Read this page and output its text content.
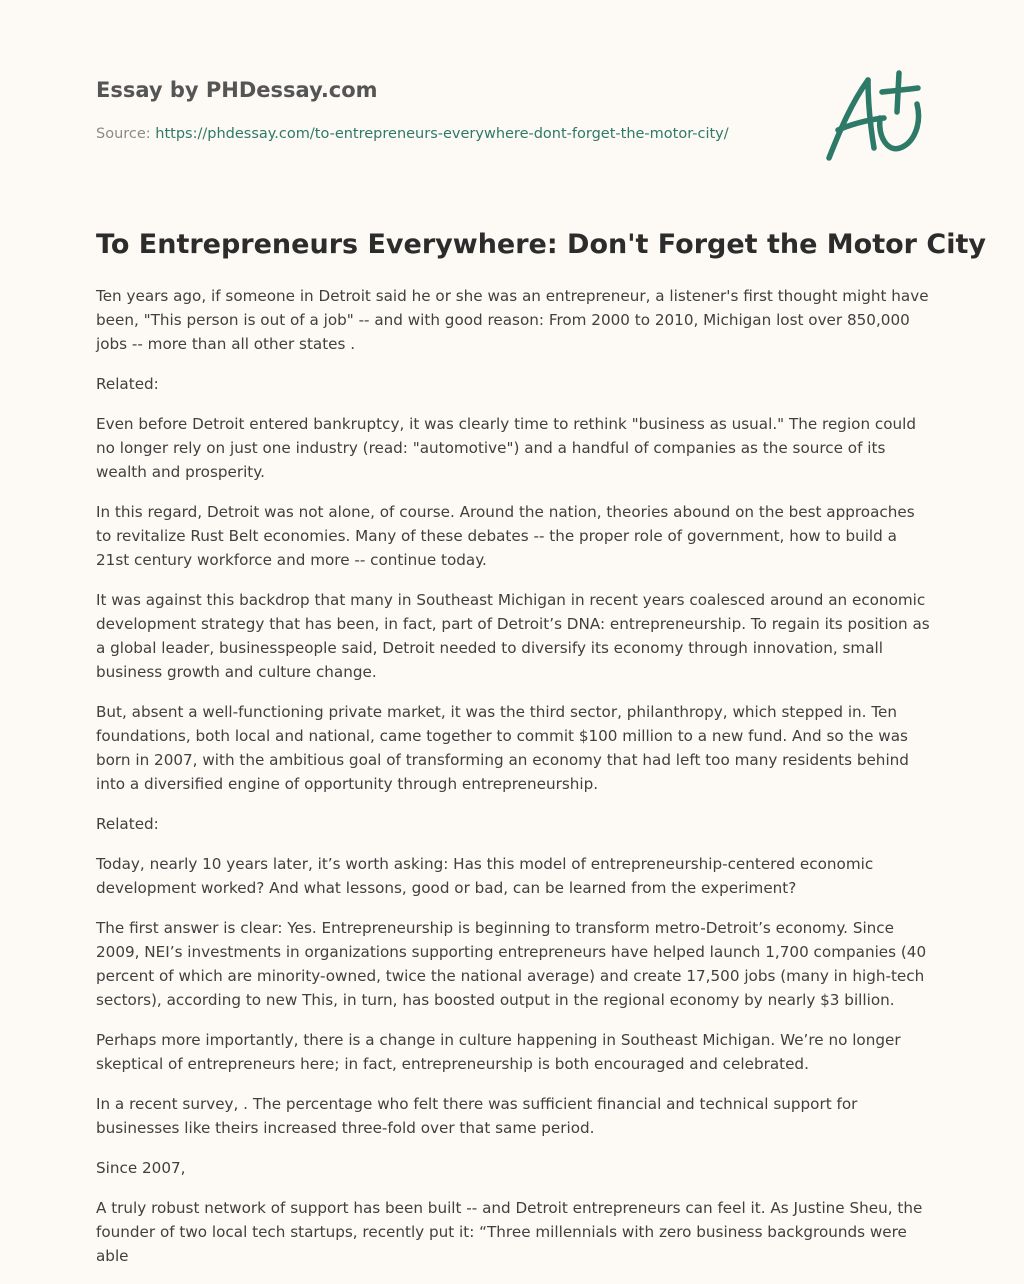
Essay by PHDessay.com
Source: https://phdessay.com/to-entrepreneurs-everywhere-dont-forget-the-motor-city/
To Entrepreneurs Everywhere: Don't Forget the Motor City

Ten years ago, if someone in Detroit said he or she was an entrepreneur, a listener's first thought might have been, "This person is out of a job" -- and with good reason: From 2000 to 2010, Michigan lost over 850,000 jobs -- more than all other states .

Related:

Even before Detroit entered bankruptcy, it was clearly time to rethink "business as usual." The region could no longer rely on just one industry (read: "automotive") and a handful of companies as the source of its wealth and prosperity.

In this regard, Detroit was not alone, of course. Around the nation, theories abound on the best approaches to revitalize Rust Belt economies. Many of these debates -- the proper role of government, how to build a 21st century workforce and more -- continue today.

It was against this backdrop that many in Southeast Michigan in recent years coalesced around an economic development strategy that has been, in fact, part of Detroit’s DNA: entrepreneurship. To regain its position as a global leader, businesspeople said, Detroit needed to diversify its economy through innovation, small business growth and culture change.

But, absent a well-functioning private market, it was the third sector, philanthropy, which stepped in. Ten foundations, both local and national, came together to commit $100 million to a new fund. And so the was born in 2007, with the ambitious goal of transforming an economy that had left too many residents behind into a diversified engine of opportunity through entrepreneurship.

Related:

Today, nearly 10 years later, it’s worth asking: Has this model of entrepreneurship-centered economic development worked? And what lessons, good or bad, can be learned from the experiment?

The first answer is clear: Yes. Entrepreneurship is beginning to transform metro-Detroit’s economy. Since 2009, NEI’s investments in organizations supporting entrepreneurs have helped launch 1,700 companies (40 percent of which are minority-owned, twice the national average) and create 17,500 jobs (many in high-tech sectors), according to new This, in turn, has boosted output in the regional economy by nearly $3 billion.

Perhaps more importantly, there is a change in culture happening in Southeast Michigan. We’re no longer skeptical of entrepreneurs here; in fact, entrepreneurship is both encouraged and celebrated.

In a recent survey, . The percentage who felt there was sufficient financial and technical support for businesses like theirs increased three-fold over that same period.

Since 2007,

A truly robust network of support has been built -- and Detroit entrepreneurs can feel it. As Justine Sheu, the founder of two local tech startups, recently put it: “Three millennials with zero business backgrounds were able
